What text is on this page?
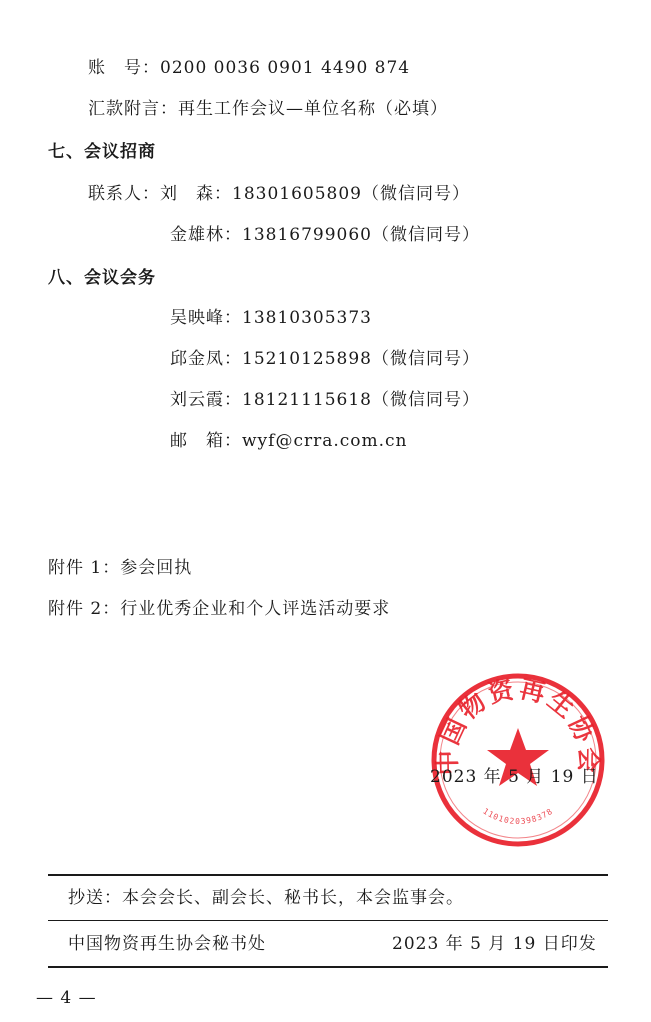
账　号：0200 0036 0901 4490 874
汇款附言：再生工作会议—单位名称（必填）
七、会议招商
联系人：刘　森：18301605809（微信同号）
金雄林：13816799060（微信同号）
八、会议会务
吴映峰：13810305373
邱金凤：15210125898（微信同号）
刘云霞：18121115618（微信同号）
邮　箱：wyf@crra.com.cn
附件 1：参会回执
附件 2：行业优秀企业和个人评选活动要求
中国物资再生协会
1101020398378
2023 年 5 月 19 日
抄送：本会会长、副会长、秘书长，本会监事会。
中国物资再生协会秘书处	2023 年 5 月 19 日印发
— 4 —
